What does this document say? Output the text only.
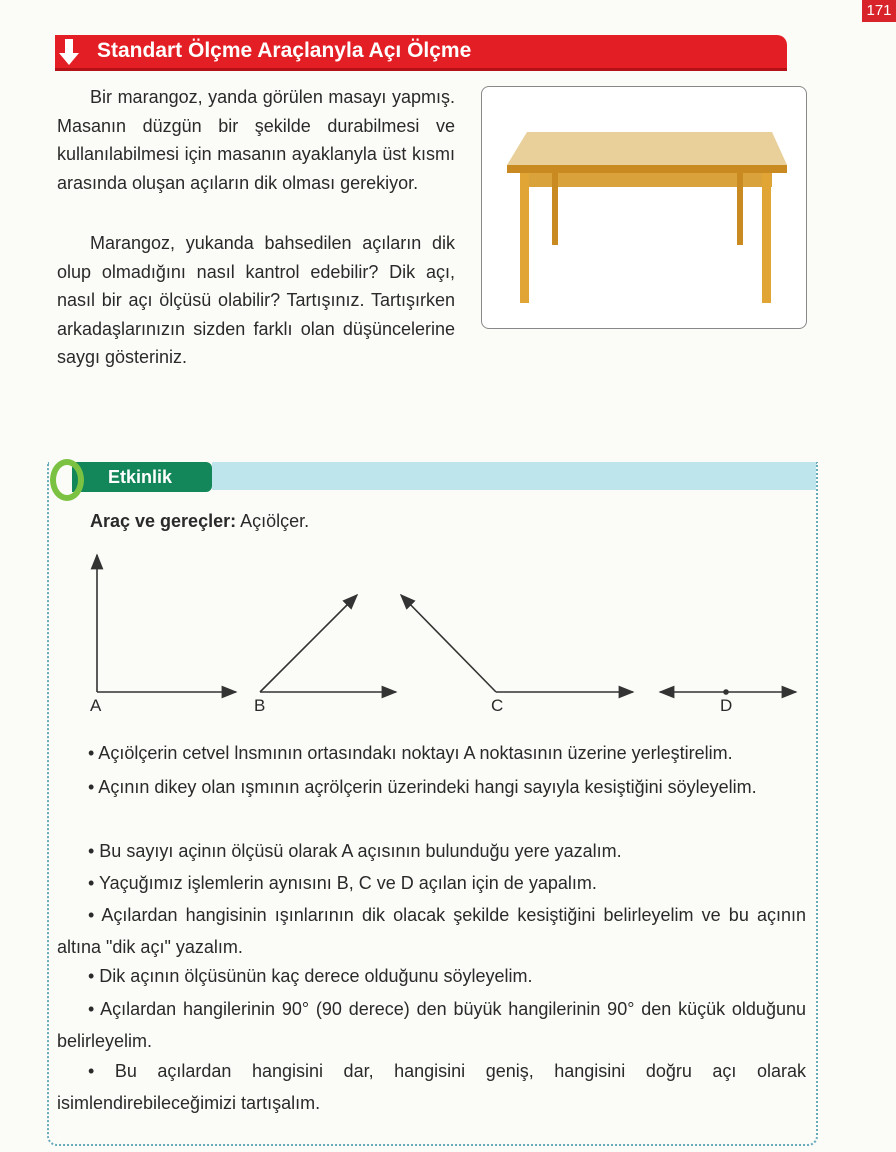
171
Standart Ölçme Araçlanyla Açı Ölçme

Bir marangoz, yanda görülen masayı yapmış. Masanın düzgün bir şekilde durabilmesi ve kullanılabilmesi için masanın ayaklanyla üst kısmı arasında oluşan açıların dik olması gerekiyor.

Marangoz, yukanda bahsedilen açıların dik olup olmadığını nasıl kantrol edebilir? Dik açı, nasıl bir açı ölçüsü olabilir? Tartışınız. Tartışırken arkadaşlarınızın sizden farklı olan düşüncelerine saygı gösteriniz.

Etkinlik
Araç ve gereçler: Açıölçer.
A	B	C	D

• Açıölçerin cetvel lnsmının ortasındakı noktayı A noktasının üzerine yerleştirelim.

• Açının dikey olan ışmının açrölçerin üzerindeki hangi sayıyla kesiştiğini söyleyelim.

• Bu sayıyı açinın ölçüsü olarak A açısının bulunduğu yere yazalım.

• Yaçuğımız işlemlerin aynısını B, C ve D açılan için de yapalım.

• Açılardan hangisinin ışınlarının dik olacak şekilde kesiştiğini belirleyelim ve bu açının altına "dik açı" yazalım.

• Dik açının ölçüsünün kaç derece olduğunu söyleyelim.

• Açılardan hangilerinin 90° (90 derece) den büyük hangilerinin 90° den küçük olduğunu belirleyelim.

• Bu açılardan hangisini dar, hangisini geniş, hangisini doğru açı olarak isimlendirebileceğimizi tartışalım.
